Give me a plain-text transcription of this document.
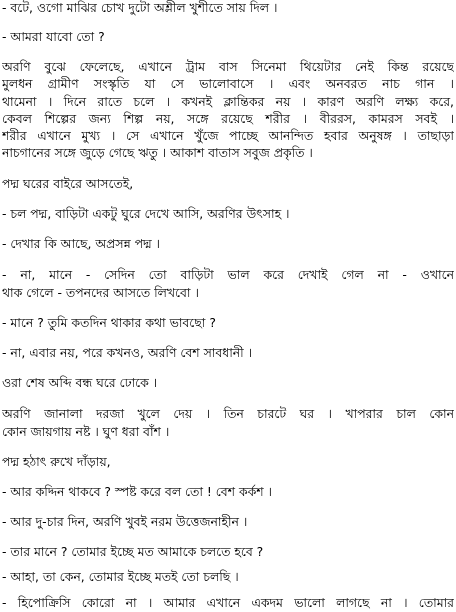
- বটে, ওগো মাঝির চোখ দুটো অশ্লীল খুশীতে সায় দিল ।
- আমরা যাবো তো ?
অরণি বুঝে ফেলেছে, এখানে ট্রাম বাস সিনেমা থিয়েটার নেই কিন্ত রয়েছে
মুলধন গ্রামীণ সংস্কৃতি যা সে ভালোবাসে । এবং অনবরত নাচ গান ।
থামেনা । দিনে রাতে চলে । কখনই ক্লান্তিকর নয় । কারণ অরণি লক্ষ্য করে,
কেবল শিল্পের জন্য শিল্প নয়, সঙ্গে রয়েছে শরীর । বীররস, কামরস সবই ।
শরীর এখানে মুখ্য । সে এখানে খুঁজে পাচ্ছে আনন্দিত হবার অনুষঙ্গ । তাছাড়া
নাচগানের সঙ্গে জুড়ে গেছে ঋতু । আকাশ বাতাস সবুজ প্রকৃতি ।
পদ্ম ঘরের বাইরে আসতেই,
- চল পদ্ম, বাড়িটা একটু ঘুরে দেখে আসি, অরণির উৎসাহ ।
- দেখার কি আছে, অপ্রসন্ন পদ্ম ।
- না, মানে - সেদিন তো বাড়িটা ভাল করে দেখাই গেল না - ওখানে
থাক গেলে - তপনদের আসতে লিখবো ।
- মানে ? তুমি কতদিন থাকার কথা ভাবছো ?
- না, এবার নয়, পরে কখনও, অরণি বেশ সাবধানী ।
ওরা শেষ অব্দি বন্ধ ঘরে ঢোকে ।
অরণি জানালা দরজা খুলে দেয় । তিন চারটে ঘর । খাপরার চাল কোন
কোন জায়গায় নষ্ট । ঘুণ ধরা বাঁশ ।
পদ্ম হঠাৎ রুখে দাঁড়ায়,
- আর কদ্দিন থাকবে ? স্পষ্ট করে বল তো ! বেশ কর্কশ ।
- আর দু-চার দিন, অরণি খুবই নরম উত্তেজনাহীন ।
- তার মানে ? তোমার ইচ্ছে মত আমাকে চলতে হবে ?
- আহা, তা কেন, তোমার ইচ্ছে মতই তো চলছি ।
- হিপোক্রিসি কোরো না । আমার এখানে একদম ভালো লাগছে না । তোমার
